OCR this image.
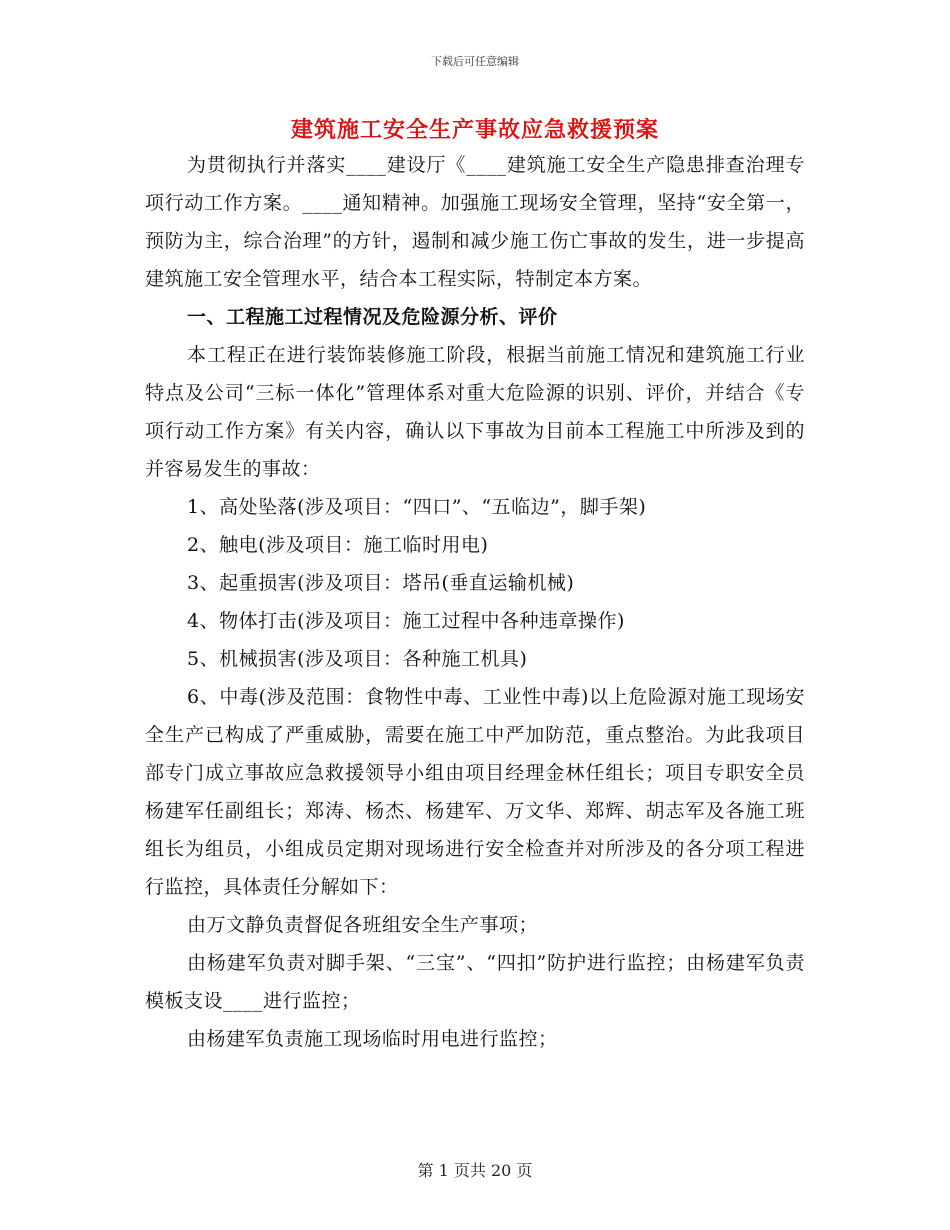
下载后可任意编辑
建筑施工安全生产事故应急救援预案

为贯彻执行并落实____建设厅《____建筑施工安全生产隐患排查治理专项行动工作方案。____通知精神。加强施工现场安全管理，坚持“安全第一，预防为主，综合治理”的方针，遏制和减少施工伤亡事故的发生，进一步提高建筑施工安全管理水平，结合本工程实际，特制定本方案。

一、工程施工过程情况及危险源分析、评价

本工程正在进行装饰装修施工阶段，根据当前施工情况和建筑施工行业特点及公司“三标一体化”管理体系对重大危险源的识别、评价，并结合《专项行动工作方案》有关内容，确认以下事故为目前本工程施工中所涉及到的并容易发生的事故：

1、高处坠落(涉及项目：“四口”、“五临边”，脚手架)

2、触电(涉及项目：施工临时用电)

3、起重损害(涉及项目：塔吊(垂直运输机械)

4、物体打击(涉及项目：施工过程中各种违章操作)

5、机械损害(涉及项目：各种施工机具)

6、中毒(涉及范围：食物性中毒、工业性中毒)以上危险源对施工现场安全生产已构成了严重威胁，需要在施工中严加防范，重点整治。为此我项目部专门成立事故应急救援领导小组由项目经理金林任组长；项目专职安全员杨建军任副组长；郑涛、杨杰、杨建军、万文华、郑辉、胡志军及各施工班组长为组员，小组成员定期对现场进行安全检查并对所涉及的各分项工程进行监控，具体责任分解如下：

由万文静负责督促各班组安全生产事项；

由杨建军负责对脚手架、“三宝”、“四扣”防护进行监控；由杨建军负责模板支设____进行监控；

由杨建军负责施工现场临时用电进行监控；

第 1 页共 20 页
